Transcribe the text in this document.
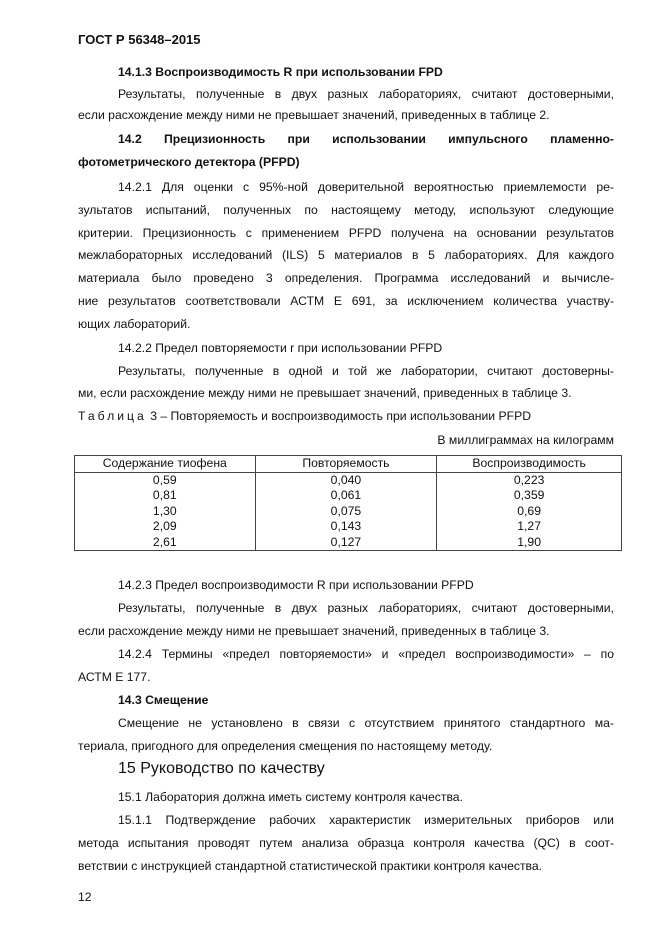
ГОСТ Р 56348–2015
14.1.3 Воспроизводимость R при использовании FPD
Результаты, полученные в двух разных лабораториях, считают достоверными,
если расхождение между ними не превышает значений, приведенных в таблице 2.
14.2 Прецизионность при использовании импульсного пламенно-
фотометрического детектора (PFPD)
14.2.1 Для оценки с 95%-ной доверительной вероятностью приемлемости ре-
зультатов испытаний, полученных по настоящему методу, используют следующие
критерии. Прецизионность с применением PFPD получена на основании результатов
межлабораторных исследований (ILS) 5 материалов в 5 лабораториях. Для каждого
материала было проведено 3 определения. Программа исследований и вычисле-
ние результатов соответствовали АСТМ Е 691, за исключением количества участву-
ющих лабораторий.
14.2.2 Предел повторяемости r при использовании PFPD
Результаты, полученные в одной и той же лаборатории, считают достоверны-
ми, если расхождение между ними не превышает значений, приведенных в таблице 3.
Таблица 3 – Повторяемость и воспроизводимость при использовании PFPD
В миллиграммах на килограмм
Содержание тиофена	Повторяемость	Воспроизводимость
0,59	0,040	0,223
0,81	0,061	0,359
1,30	0,075	0,69
2,09	0,143	1,27
2,61	0,127	1,90
14.2.3 Предел воспроизводимости R при использовании PFPD
Результаты, полученные в двух разных лабораториях, считают достоверными,
если расхождение между ними не превышает значений, приведенных в таблице 3.
14.2.4 Термины «предел повторяемости» и «предел воспроизводимости» – по
АСТМ Е 177.
14.3 Смещение
Смещение не установлено в связи с отсутствием принятого стандартного ма-
териала, пригодного для определения смещения по настоящему методу.
15 Руководство по качеству
15.1 Лаборатория должна иметь систему контроля качества.
15.1.1 Подтверждение рабочих характеристик измерительных приборов или
метода испытания проводят путем анализа образца контроля качества (QC) в соот-
ветствии с инструкцией стандартной статистической практики контроля качества.
12
